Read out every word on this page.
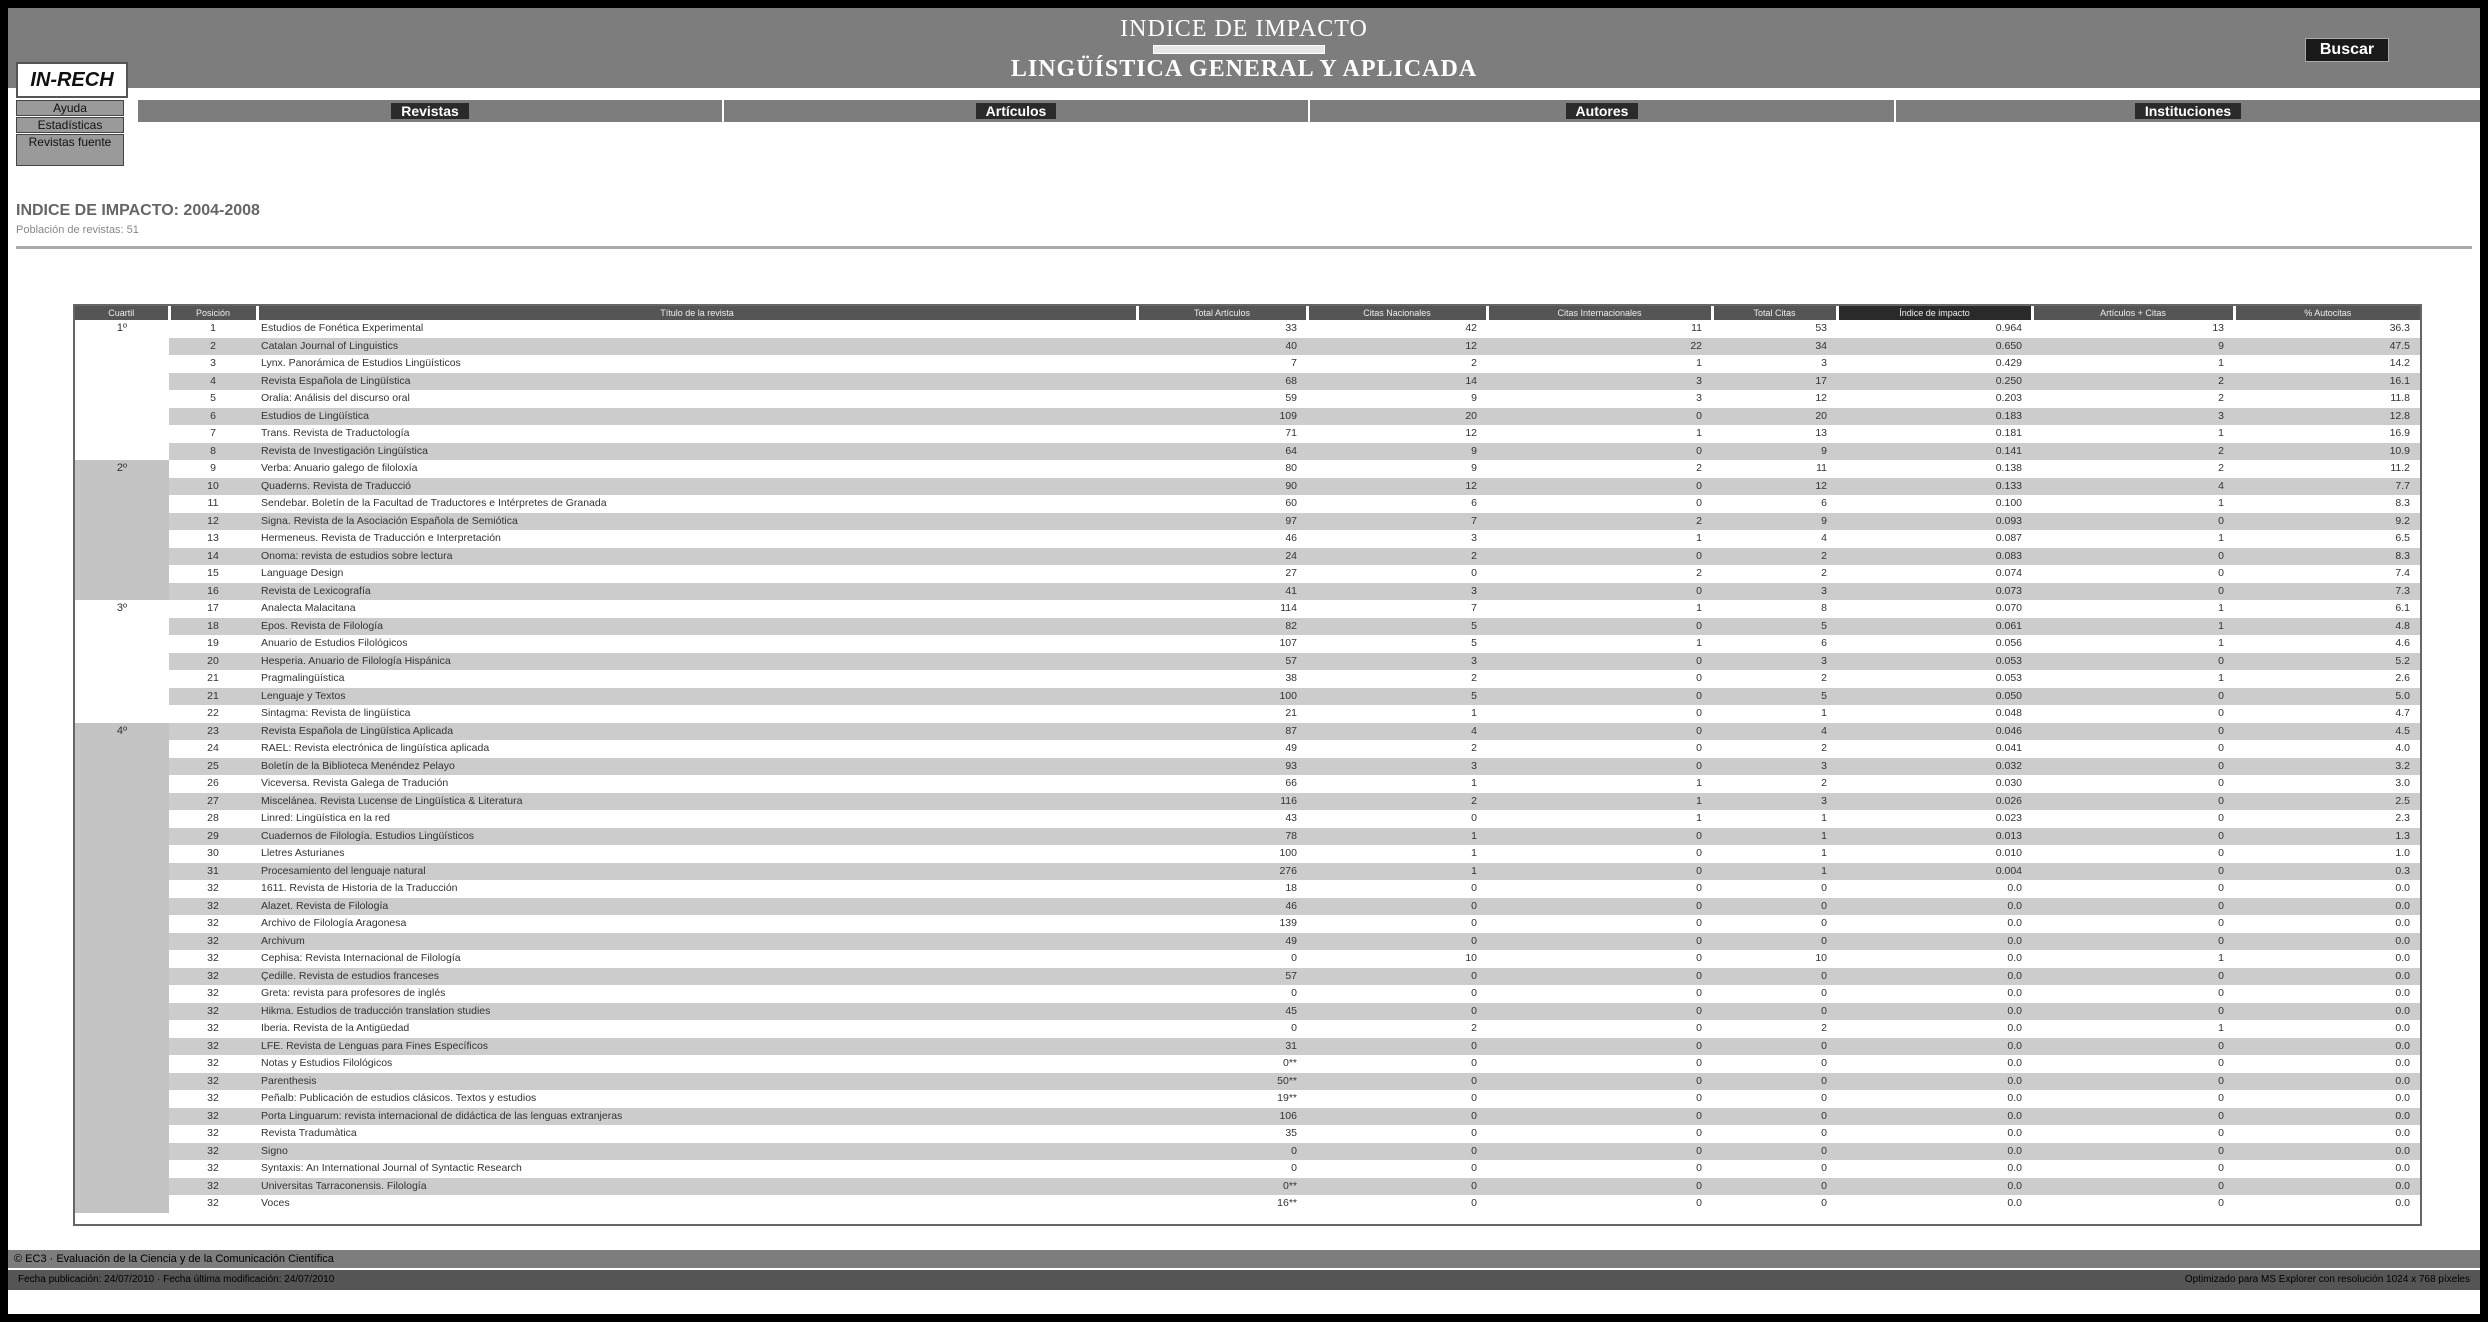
INDICE DE IMPACTO
LINGÜÍSTICA GENERAL Y APLICADA
Buscar
IN-RECH
Ayuda
Estadísticas
Revistas fuente
Revistas	Artículos	Autores	Instituciones
INDICE DE IMPACTO: 2004-2008
Población de revistas: 51
Cuartil	Posición	Título de la revista	Total Artículos	Citas Nacionales	Citas Internacionales	Total Citas	Índice de impacto	Artículos + Citas	% Autocitas
1º	1	Estudios de Fonética Experimental	33	42	11	53	0.964	13	36.3
	2	Catalan Journal of Linguistics	40	12	22	34	0.650	9	47.5
	3	Lynx. Panorámica de Estudios Lingüísticos	7	2	1	3	0.429	1	14.2
	4	Revista Española de Lingüística	68	14	3	17	0.250	2	16.1
	5	Oralia: Análisis del discurso oral	59	9	3	12	0.203	2	11.8
	6	Estudios de Lingüística	109	20	0	20	0.183	3	12.8
	7	Trans. Revista de Traductología	71	12	1	13	0.181	1	16.9
	8	Revista de Investigación Lingüística	64	9	0	9	0.141	2	10.9
2º	9	Verba: Anuario galego de filoloxía	80	9	2	11	0.138	2	11.2
	10	Quaderns. Revista de Traducció	90	12	0	12	0.133	4	7.7
	11	Sendebar. Boletín de la Facultad de Traductores e Intérpretes de Granada	60	6	0	6	0.100	1	8.3
	12	Signa. Revista de la Asociación Española de Semiótica	97	7	2	9	0.093	0	9.2
	13	Hermeneus. Revista de Traducción e Interpretación	46	3	1	4	0.087	1	6.5
	14	Onoma: revista de estudios sobre lectura	24	2	0	2	0.083	0	8.3
	15	Language Design	27	0	2	2	0.074	0	7.4
	16	Revista de Lexicografía	41	3	0	3	0.073	0	7.3
3º	17	Analecta Malacitana	114	7	1	8	0.070	1	6.1
	18	Epos. Revista de Filología	82	5	0	5	0.061	1	4.8
	19	Anuario de Estudios Filológicos	107	5	1	6	0.056	1	4.6
	20	Hesperia. Anuario de Filología Hispánica	57	3	0	3	0.053	0	5.2
	21	Pragmalingüística	38	2	0	2	0.053	1	2.6
	21	Lenguaje y Textos	100	5	0	5	0.050	0	5.0
	22	Sintagma: Revista de lingüística	21	1	0	1	0.048	0	4.7
4º	23	Revista Española de Lingüística Aplicada	87	4	0	4	0.046	0	4.5
	24	RAEL: Revista electrónica de lingüística aplicada	49	2	0	2	0.041	0	4.0
	25	Boletín de la Biblioteca Menéndez Pelayo	93	3	0	3	0.032	0	3.2
	26	Viceversa. Revista Galega de Tradución	66	1	1	2	0.030	0	3.0
	27	Miscelánea. Revista Lucense de Lingüística & Literatura	116	2	1	3	0.026	0	2.5
	28	Linred: Lingüística en la red	43	0	1	1	0.023	0	2.3
	29	Cuadernos de Filología. Estudios Lingüísticos	78	1	0	1	0.013	0	1.3
	30	Lletres Asturianes	100	1	0	1	0.010	0	1.0
	31	Procesamiento del lenguaje natural	276	1	0	1	0.004	0	0.3
	32	1611. Revista de Historia de la Traducción	18	0	0	0	0.0	0	0.0
	32	Alazet. Revista de Filología	46	0	0	0	0.0	0	0.0
	32	Archivo de Filología Aragonesa	139	0	0	0	0.0	0	0.0
	32	Archivum	49	0	0	0	0.0	0	0.0
	32	Cephisa: Revista Internacional de Filología	0	10	0	10	0.0	1	0.0
	32	Çedille. Revista de estudios franceses	57	0	0	0	0.0	0	0.0
	32	Greta: revista para profesores de inglés	0	0	0	0	0.0	0	0.0
	32	Hikma. Estudios de traducción translation studies	45	0	0	0	0.0	0	0.0
	32	Iberia. Revista de la Antigüedad	0	2	0	2	0.0	1	0.0
	32	LFE. Revista de Lenguas para Fines Específicos	31	0	0	0	0.0	0	0.0
	32	Notas y Estudios Filológicos	0**	0	0	0	0.0	0	0.0
	32	Parenthesis	50**	0	0	0	0.0	0	0.0
	32	Peñalb: Publicación de estudios clásicos. Textos y estudios	19**	0	0	0	0.0	0	0.0
	32	Porta Linguarum: revista internacional de didáctica de las lenguas extranjeras	106	0	0	0	0.0	0	0.0
	32	Revista Tradumàtica	35	0	0	0	0.0	0	0.0
	32	Signo	0	0	0	0	0.0	0	0.0
	32	Syntaxis: An International Journal of Syntactic Research	0	0	0	0	0.0	0	0.0
	32	Universitas Tarraconensis. Filología	0**	0	0	0	0.0	0	0.0
	32	Voces	16**	0	0	0	0.0	0	0.0
© EC3 · Evaluación de la Ciencia y de la Comunicación Científica
Fecha publicación: 24/07/2010 · Fecha última modificación: 24/07/2010	Optimizado para MS Explorer con resolución 1024 x 768 píxeles
